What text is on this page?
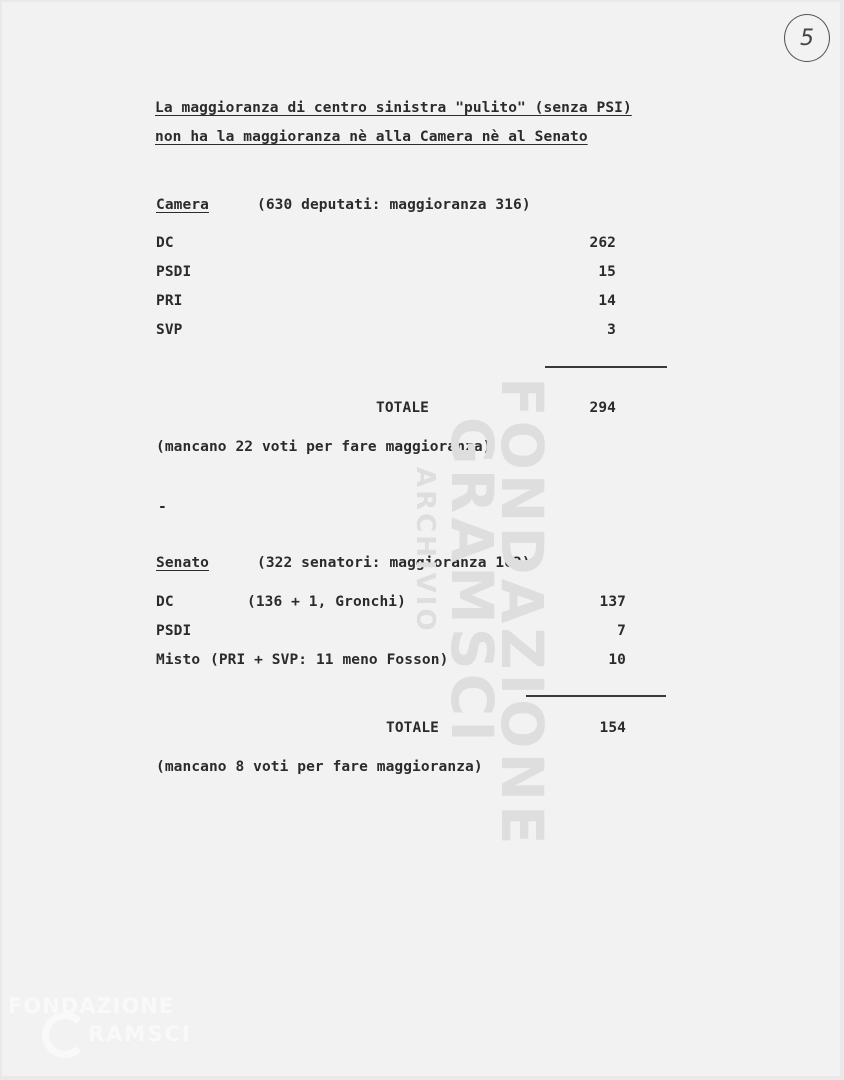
5
La maggioranza di centro sinistra "pulito" (senza PSI)
non ha la maggioranza nè alla Camera nè al Senato
Camera	(630 deputati: maggioranza 316)
DC	262
PSDI	15
PRI	14
SVP	3
TOTALE	294
(mancano 22 voti per fare maggioranza)
-
Senato	(322 senatori: maggioranza 162)
DC	(136 + 1, Gronchi)	137
PSDI	7
Misto (PRI + SVP: 11 meno Fosson)	10
TOTALE	154
(mancano 8 voti per fare maggioranza) FONDAZIONE
GRAMSCI
ARCHIVIO
FONDAZIONE
RAMSCI
